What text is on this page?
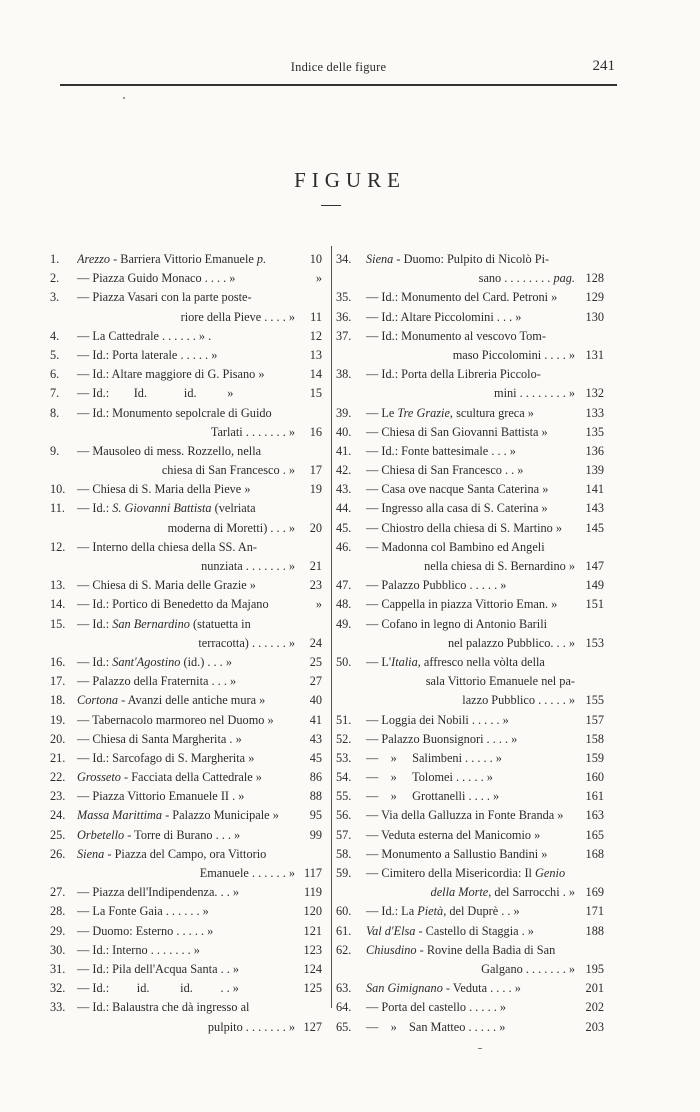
Indice delle figure	241
FIGURE
1.	Arezzo - Barriera Vittorio Emanuele p.	10
2.	— Piazza Guido Monaco . . . . »	»
3.	— Piazza Vasari con la parte poste-
riore della Pieve . . . . »	11
4.	— La Cattedrale . . . . . . » .	12
5.	— Id.: Porta laterale . . . . . »	13
6.	— Id.: Altare maggiore di G. Pisano »	14
7.	— Id.:        Id.            id.          »	15
8.	— Id.: Monumento sepolcrale di Guido
Tarlati . . . . . . . »	16
9.	— Mausoleo di mess. Rozzello, nella
chiesa di San Francesco . »	17
10. — Chiesa di S. Maria della Pieve »	19
11. — Id.: S. Giovanni Battista (velriata
moderna di Moretti) . . . »	20
12. — Interno della chiesa della SS. An-
nunziata . . . . . . . »	21
13. — Chiesa di S. Maria delle Grazie »	23
14. — Id.: Portico di Benedetto da Majano	»
15. — Id.: San Bernardino (statuetta in
terracotta) . . . . . . »	24
16. — Id.: Sant'Agostino (id.) . . . »	25
17. — Palazzo della Fraternita . . . »	27
18. Cortona - Avanzi delle antiche mura »	40
19. — Tabernacolo marmoreo nel Duomo »	41
20. — Chiesa di Santa Margherita . »	43
21. — Id.: Sarcofago di S. Margherita »	45
22. Grosseto - Facciata della Cattedrale »	86
23. — Piazza Vittorio Emanuele II . »	88
24. Massa Marittima - Palazzo Municipale »	95
25. Orbetello - Torre di Burano . . . »	99
26. Siena - Piazza del Campo, ora Vittorio
Emanuele . . . . . . » 117
27. — Piazza dell'Indipendenza. . . »	119
28. — La Fonte Gaia . . . . . . »	120
29. — Duomo: Esterno . . . . . »	121
30. — Id.: Interno . . . . . . . »	123
31. — Id.: Pila dell'Acqua Santa . . »	124
32. — Id.:         id.          id.         . . »	125
33. — Id.: Balaustra che dà ingresso al
pulpito . . . . . . . » 127
34.	Siena - Duomo: Pulpito di Nicolò Pi-
sano . . . . . . . . pag. 128
35.	— Id.: Monumento del Card. Petroni »	129
36.	— Id.: Altare Piccolomini . . . »	130
37.	— Id.: Monumento al vescovo Tom-
maso Piccolomini . . . . » 131
38.	— Id.: Porta della Libreria Piccolo-
mini . . . . . . . . » 132
39.	— Le Tre Grazie, scultura greca »	133
40.	— Chiesa di San Giovanni Battista »	135
41.	— Id.: Fonte battesimale . . . »	136
42.	— Chiesa di San Francesco . . »	139
43.	— Casa ove nacque Santa Caterina »	141
44.	— Ingresso alla casa di S. Caterina »	143
45.	— Chiostro della chiesa di S. Martino »	145
46.	— Madonna col Bambino ed Angeli
nella chiesa di S. Bernardino » 147
47.	— Palazzo Pubblico . . . . . »	149
48.	— Cappella in piazza Vittorio Eman. »	151
49.	— Cofano in legno di Antonio Barili
nel palazzo Pubblico. . . » 153
50.	— L'Italia, affresco nella vòlta della
sala Vittorio Emanuele nel pa-
lazzo Pubblico . . . . . » 155
51.	— Loggia dei Nobili . . . . . »	157
52.	— Palazzo Buonsignori . . . . »	158
53.	—    »     Salimbeni . . . . . »	159
54.	—    »     Tolomei . . . . . »	160
55.	—    »     Grottanelli . . . . »	161
56.	— Via della Galluzza in Fonte Branda »	163
57.	— Veduta esterna del Manicomio »	165
58.	— Monumento a Sallustio Bandini »	168
59.	— Cimitero della Misericordia: Il Genio
della Morte, del Sarrocchi . » 169
60.	— Id.: La Pietà, del Duprè . . »	171
61.	Val d'Elsa - Castello di Staggia . »	188
62.	Chiusdino - Rovine della Badia di San
Galgano . . . . . . . » 195
63.	San Gimignano - Veduta . . . . »	201
64.	— Porta del castello . . . . . »	202
65.	—    »    San Matteo . . . . . »	203
